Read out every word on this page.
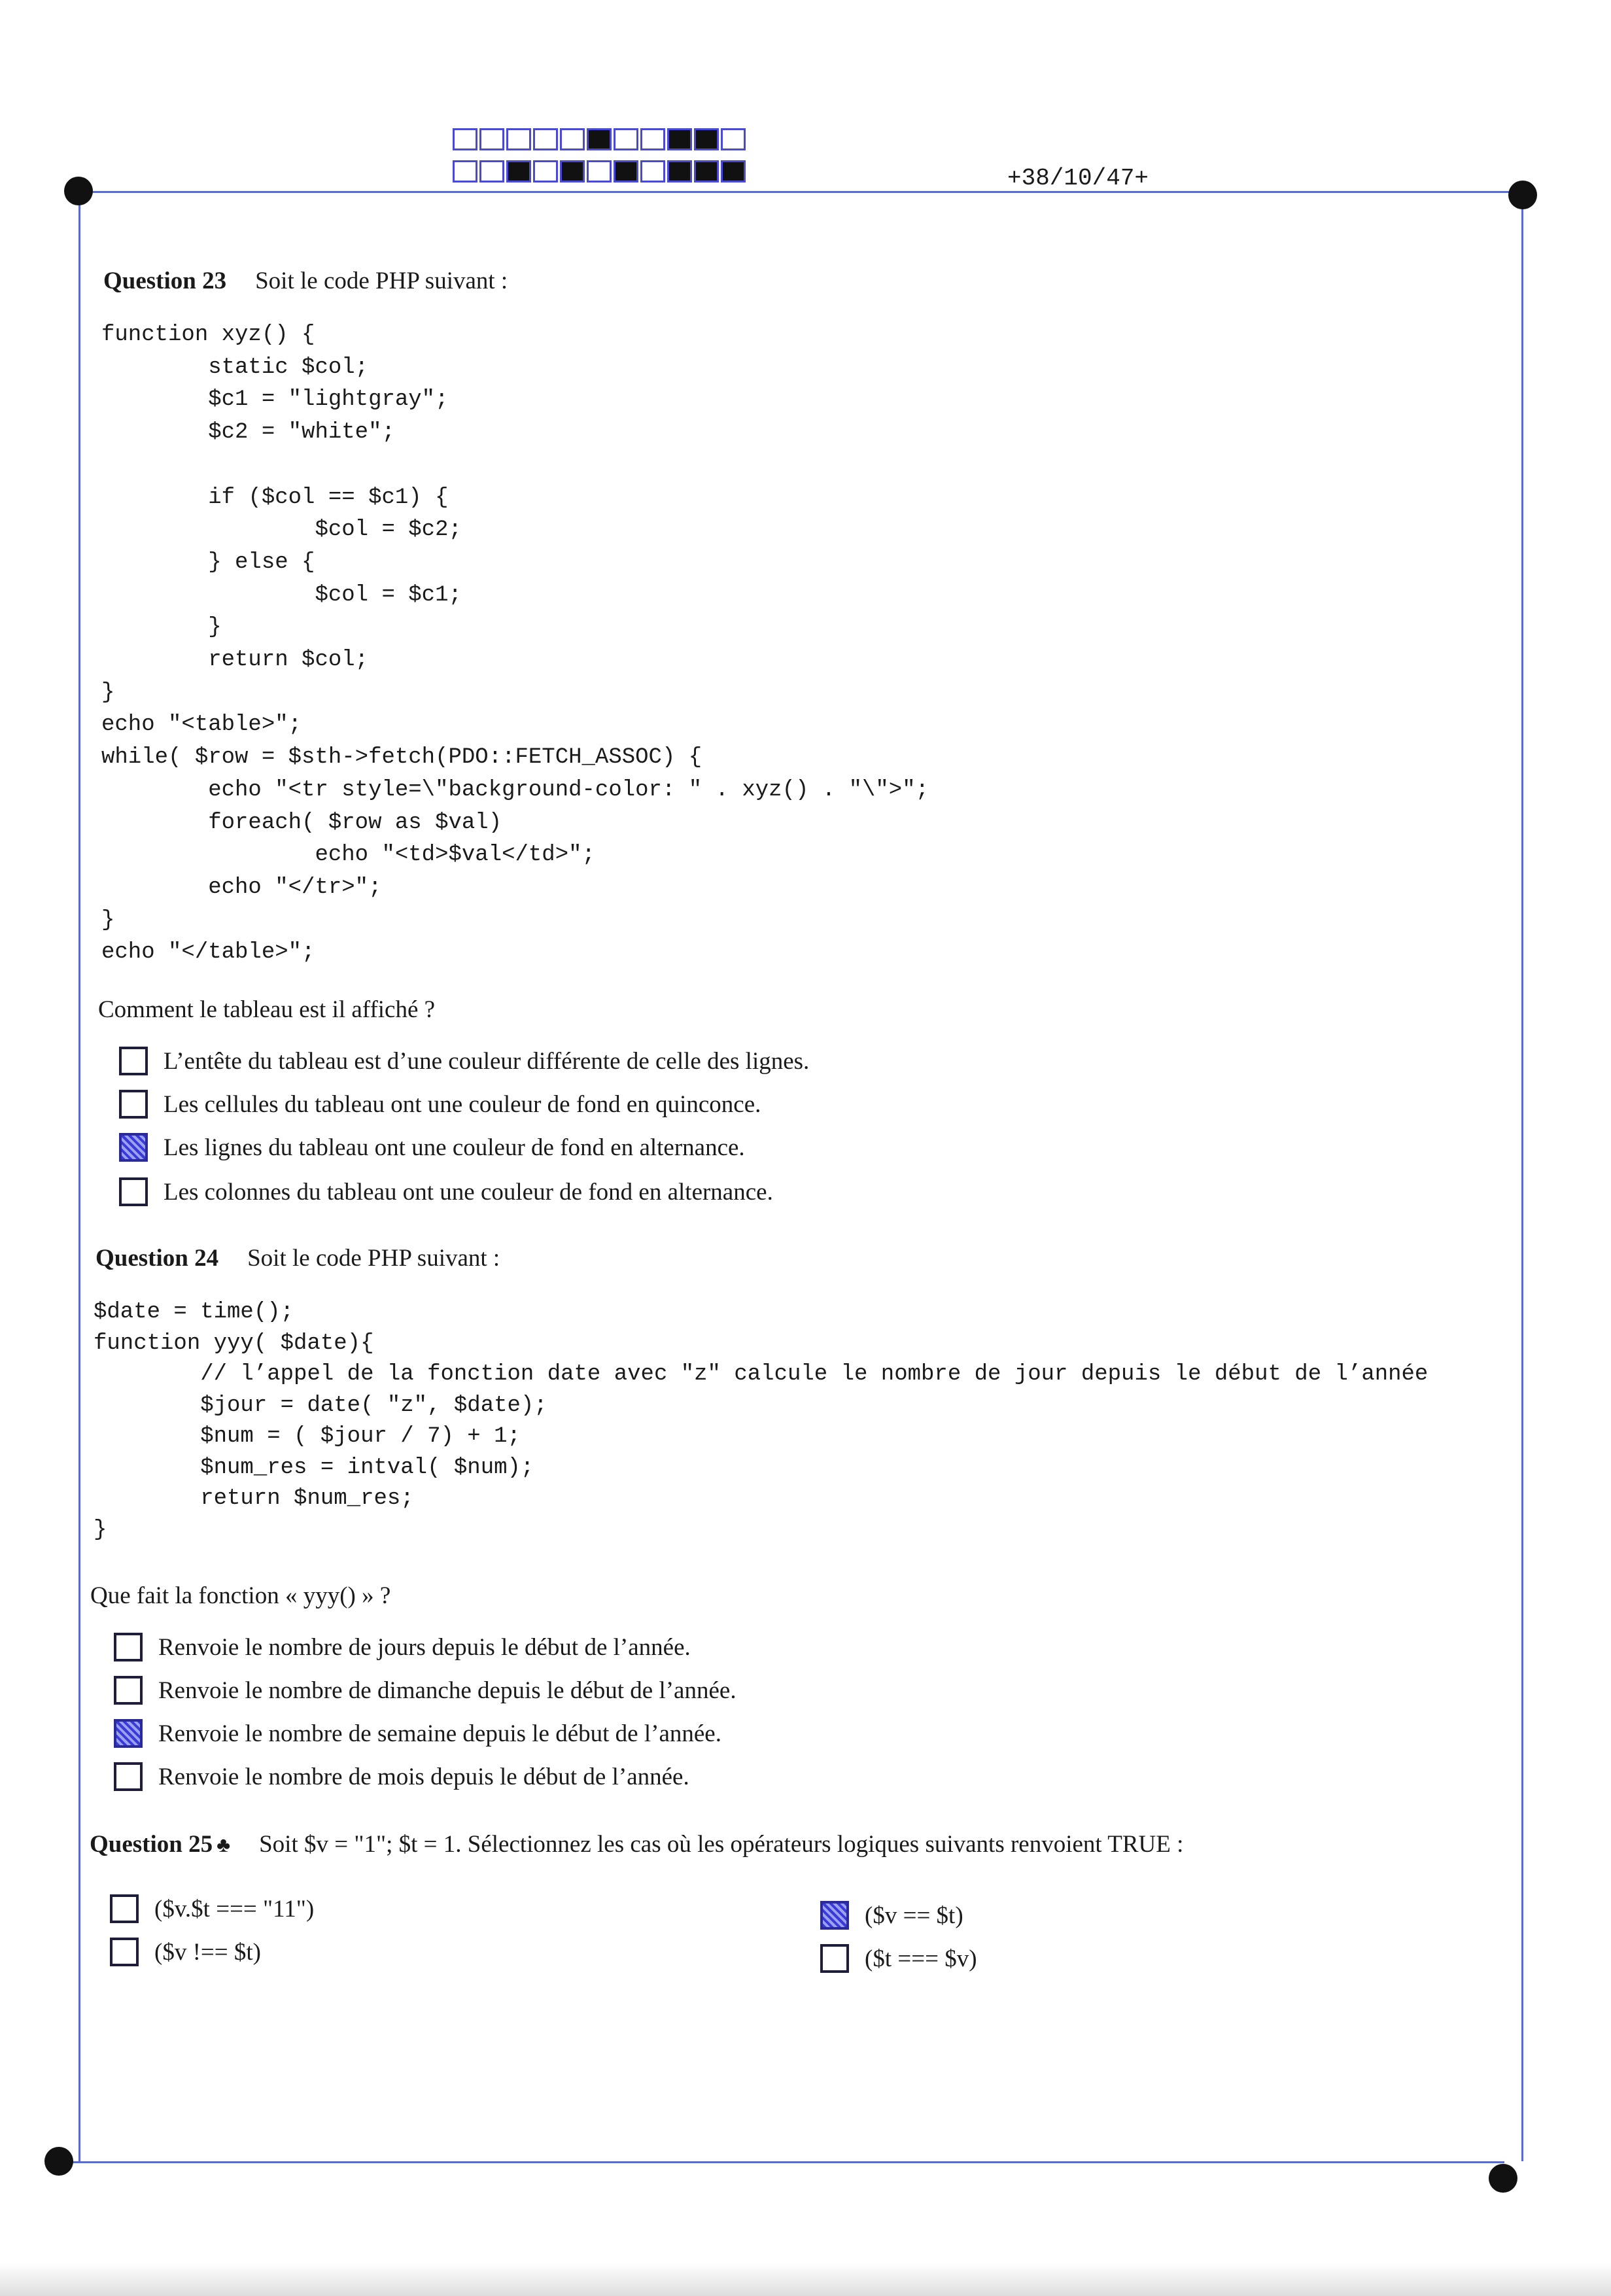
+38/10/47+
Question 23 Soit le code PHP suivant :
function xyz() {
static $col;
$c1 = "lightgray";
$c2 = "white";

if ($col == $c1) {
$col = $c2;
} else {
$col = $c1;
}
return $col;
}
echo "<table>";
while( $row = $sth->fetch(PDO::FETCH_ASSOC) {
echo "<tr style=\"background-color: " . xyz() . "\">";
foreach( $row as $val)
echo "<td>$val</td>";
echo "</tr>";
}
echo "</table>";
Comment le tableau est il affiché ?
L’entête du tableau est d’une couleur différente de celle des lignes.
Les cellules du tableau ont une couleur de fond en quinconce.
Les lignes du tableau ont une couleur de fond en alternance.
Les colonnes du tableau ont une couleur de fond en alternance.
Question 24 Soit le code PHP suivant :
$date = time();
function yyy( $date){
// l’appel de la fonction date avec "z" calcule le nombre de jour depuis le début de l’année
$jour = date( "z", $date);
$num = ( $jour / 7) + 1;
$num_res = intval( $num);
return $num_res;
}
Que fait la fonction « yyy() » ?
Renvoie le nombre de jours depuis le début de l’année.
Renvoie le nombre de dimanche depuis le début de l’année.
Renvoie le nombre de semaine depuis le début de l’année.
Renvoie le nombre de mois depuis le début de l’année.
Question 25 ♣ Soit $v = "1"; $t = 1. Sélectionnez les cas où les opérateurs logiques suivants renvoient TRUE :
($v.$t === "11")
($v !== $t)
($v == $t)
($t === $v)
